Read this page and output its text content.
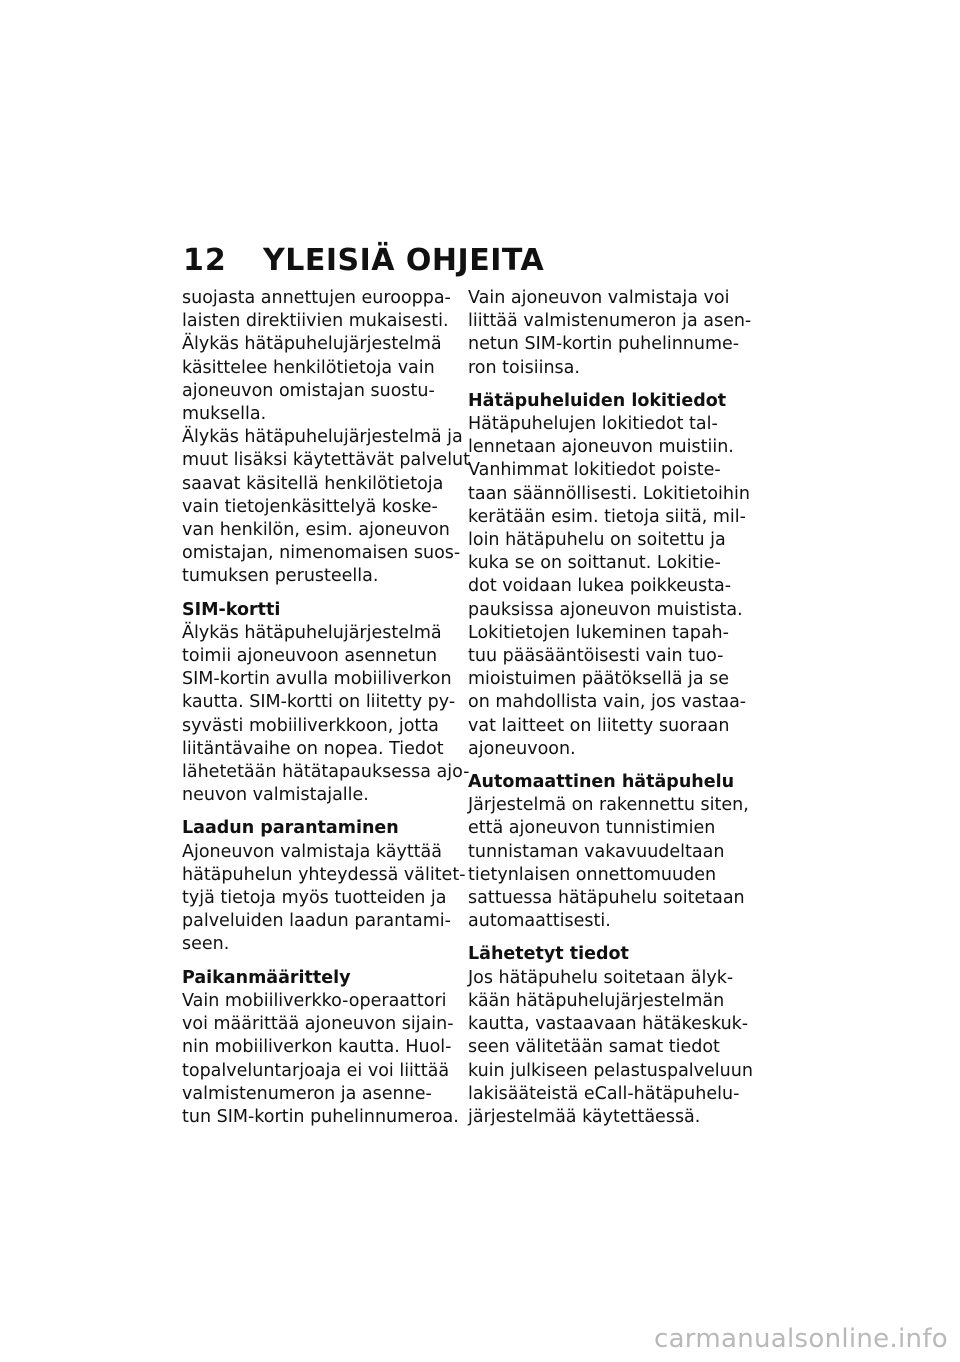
12	YLEISIÄ OHJEITA
suojasta annettujen eurooppa-
laisten direktiivien mukaisesti.
Älykäs hätäpuhelujärjestelmä
käsittelee henkilötietoja vain
ajoneuvon omistajan suostu-
muksella.
Älykäs hätäpuhelujärjestelmä ja
muut lisäksi käytettävät palvelut
saavat käsitellä henkilötietoja
vain tietojenkäsittelyä koske-
van henkilön, esim. ajoneuvon
omistajan, nimenomaisen suos-
tumuksen perusteella.
SIM-kortti
Älykäs hätäpuhelujärjestelmä
toimii ajoneuvoon asennetun
SIM-kortin avulla mobiiliverkon
kautta. SIM-kortti on liitetty py-
syvästi mobiiliverkkoon, jotta
liitäntävaihe on nopea. Tiedot
lähetetään hätätapauksessa ajo-
neuvon valmistajalle.
Laadun parantaminen
Ajoneuvon valmistaja käyttää
hätäpuhelun yhteydessä välitet-
tyjä tietoja myös tuotteiden ja
palveluiden laadun parantami-
seen.
Paikanmäärittely
Vain mobiiliverkko-operaattori
voi määrittää ajoneuvon sijain-
nin mobiiliverkon kautta. Huol-
topalveluntarjoaja ei voi liittää
valmistenumeron ja asenne-
tun SIM-kortin puhelinnumeroa.
Vain ajoneuvon valmistaja voi
liittää valmistenumeron ja asen-
netun SIM-kortin puhelinnume-
ron toisiinsa.
Hätäpuheluiden lokitiedot
Hätäpuhelujen lokitiedot tal-
lennetaan ajoneuvon muistiin.
Vanhimmat lokitiedot poiste-
taan säännöllisesti. Lokitietoihin
kerätään esim. tietoja siitä, mil-
loin hätäpuhelu on soitettu ja
kuka se on soittanut. Lokitie-
dot voidaan lukea poikkeusta-
pauksissa ajoneuvon muistista.
Lokitietojen lukeminen tapah-
tuu pääsääntöisesti vain tuo-
mioistuimen päätöksellä ja se
on mahdollista vain, jos vastaa-
vat laitteet on liitetty suoraan
ajoneuvoon.
Automaattinen hätäpuhelu
Järjestelmä on rakennettu siten,
että ajoneuvon tunnistimien
tunnistaman vakavuudeltaan
tietynlaisen onnettomuuden
sattuessa hätäpuhelu soitetaan
automaattisesti.
Lähetetyt tiedot
Jos hätäpuhelu soitetaan älyk-
kään hätäpuhelujärjestelmän
kautta, vastaavaan hätäkeskuk-
seen välitetään samat tiedot
kuin julkiseen pelastuspalveluun
lakisääteistä eCall-hätäpuhelu-
järjestelmää käytettäessä.
carmanualsonline.info
